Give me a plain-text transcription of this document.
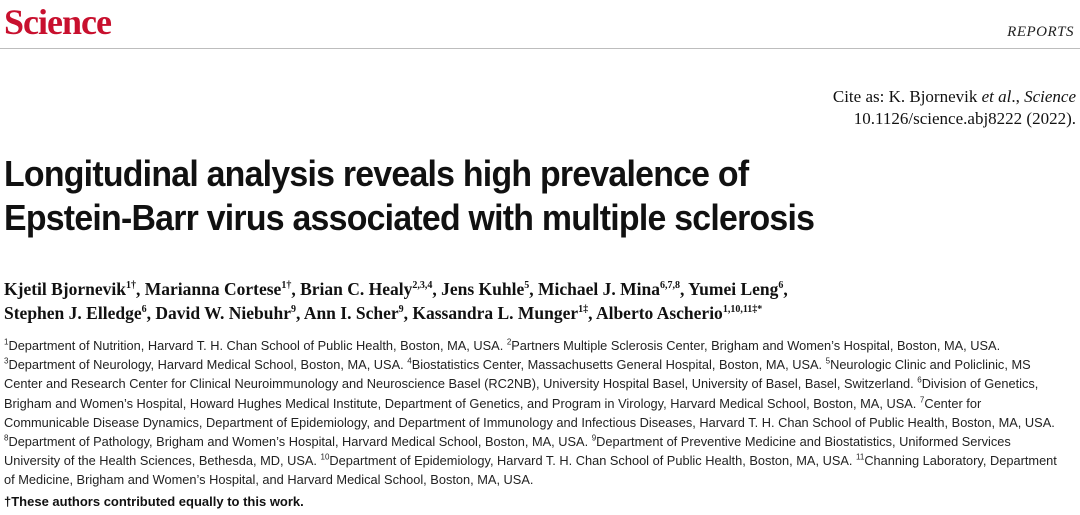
Science	REPORTS
Cite as: K. Bjornevik et al., Science
10.1126/science.abj8222 (2022).
Longitudinal analysis reveals high prevalence of
Epstein-Barr virus associated with multiple sclerosis
Kjetil Bjornevik$^{1\dagger}$, Marianna Cortese$^{1\dagger}$, Brian C. Healy$^{2,3,4}$, Jens Kuhle$^5$, Michael J. Mina$^{6,7,8}$, Yumei Leng$^6$,
Stephen J. Elledge$^6$, David W. Niebuhr$^9$, Ann I. Scher$^9$, Kassandra L. Munger$^{1\ddagger}$, Alberto Ascherio$^{1,10,11\ddagger*}$
$^1$Department of Nutrition, Harvard T. H. Chan School of Public Health, Boston, MA, USA. $^2$Partners Multiple Sclerosis Center, Brigham and Women’s Hospital, Boston, MA, USA. $^3$Department of Neurology, Harvard Medical School, Boston, MA, USA. $^4$Biostatistics Center, Massachusetts General Hospital, Boston, MA, USA. $^5$Neurologic Clinic and Policlinic, MS Center and Research Center for Clinical Neuroimmunology and Neuroscience Basel (RC2NB), University Hospital Basel, University of Basel, Basel, Switzerland. $^6$Division of Genetics, Brigham and Women’s Hospital, Howard Hughes Medical Institute, Department of Genetics, and Program in Virology, Harvard Medical School, Boston, MA, USA. $^7$Center for Communicable Disease Dynamics, Department of Epidemiology, and Department of Immunology and Infectious Diseases, Harvard T. H. Chan School of Public Health, Boston, MA, USA. $^8$Department of Pathology, Brigham and Women’s Hospital, Harvard Medical School, Boston, MA, USA. $^9$Department of Preventive Medicine and Biostatistics, Uniformed Services University of the Health Sciences, Bethesda, MD, USA. $^{10}$Department of Epidemiology, Harvard T. H. Chan School of Public Health, Boston, MA, USA. $^{11}$Channing Laboratory, Department of Medicine, Brigham and Women’s Hospital, and Harvard Medical School, Boston, MA, USA.
†These authors contributed equally to this work.
